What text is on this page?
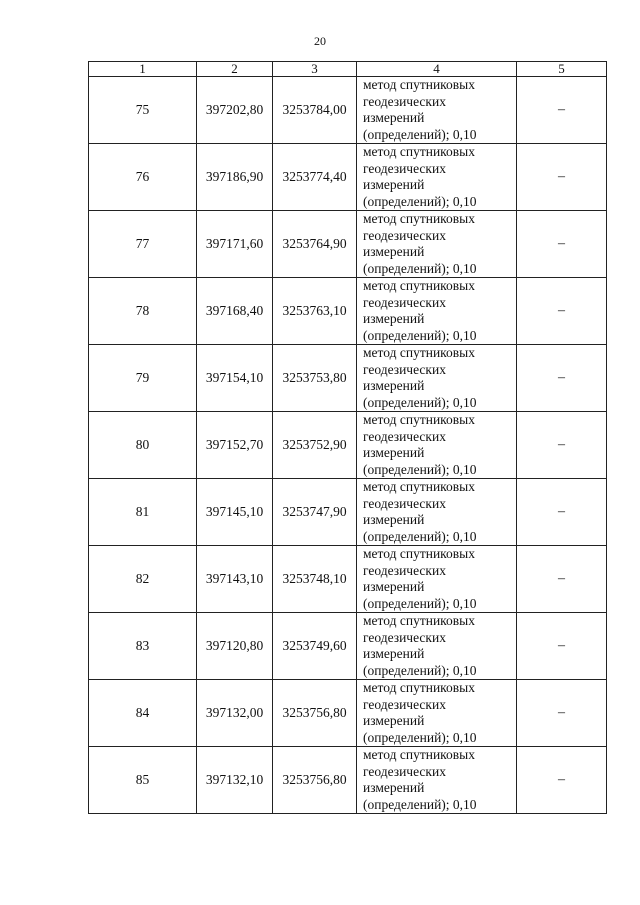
20
1	2	3	4	5
75	397202,80	3253784,00	метод спутниковых
геодезических
измерений
(определений); 0,10	–
76	397186,90	3253774,40	метод спутниковых
геодезических
измерений
(определений); 0,10	–
77	397171,60	3253764,90	метод спутниковых
геодезических
измерений
(определений); 0,10	–
78	397168,40	3253763,10	метод спутниковых
геодезических
измерений
(определений); 0,10	–
79	397154,10	3253753,80	метод спутниковых
геодезических
измерений
(определений); 0,10	–
80	397152,70	3253752,90	метод спутниковых
геодезических
измерений
(определений); 0,10	–
81	397145,10	3253747,90	метод спутниковых
геодезических
измерений
(определений); 0,10	–
82	397143,10	3253748,10	метод спутниковых
геодезических
измерений
(определений); 0,10	–
83	397120,80	3253749,60	метод спутниковых
геодезических
измерений
(определений); 0,10	–
84	397132,00	3253756,80	метод спутниковых
геодезических
измерений
(определений); 0,10	–
85	397132,10	3253756,80	метод спутниковых
геодезических
измерений
(определений); 0,10	–
